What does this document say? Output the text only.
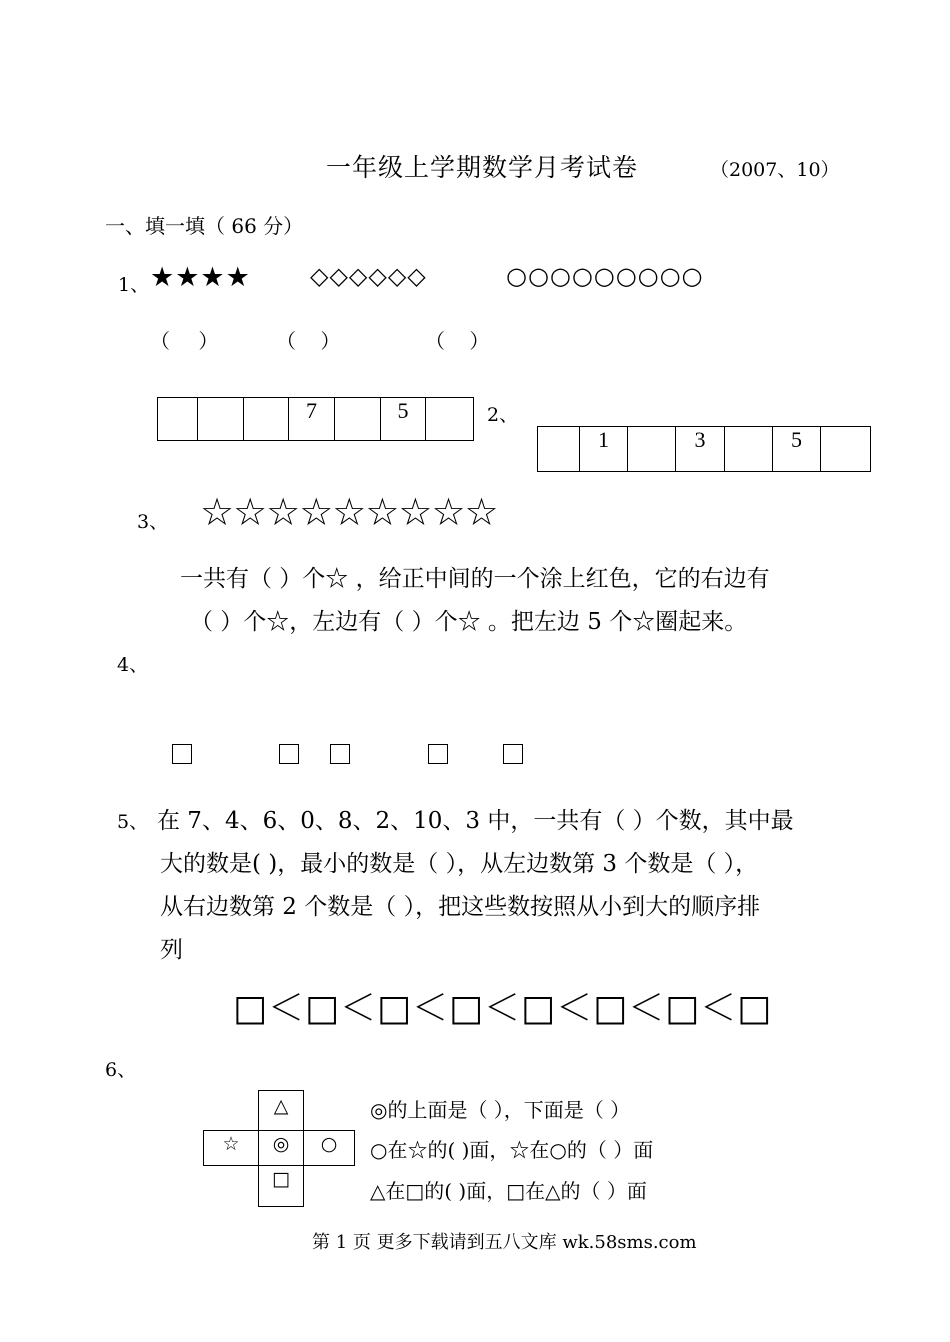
一年级上学期数学月考试卷	（2007、10）
一、填一填（ 66 分）
1、 ★★★★ ◇◇◇◇◇◇	○○○○○○○○○
（ ）	（ ）	（ ）
			7		5		2、
	1		3		5	
3、 ☆☆☆☆☆☆☆☆☆
一共有（ ）个☆ ，给正中间的一个涂上红色，它的右边有
（ ）个☆，左边有（ ）个☆ 。把左边 5 个☆圈起来。
4、
5、 在 7、4、6、0、8、2、10、3 中，一共有（ ）个数，其中最
大的数是( )，最小的数是（ ），从左边数第 3 个数是（ ），
从右边数第 2 个数是（ ），把这些数按照从小到大的顺序排
列
□＜□＜□＜□＜□＜□＜□＜□
6、
△
☆	◎	○
□
◎的上面是（ ），下面是（ ）
○在☆的( )面，☆在○的（ ）面
△在□的( )面，□在△的（ ）面
第 1 页 更多下载请到五八文库 wk.58sms.com
